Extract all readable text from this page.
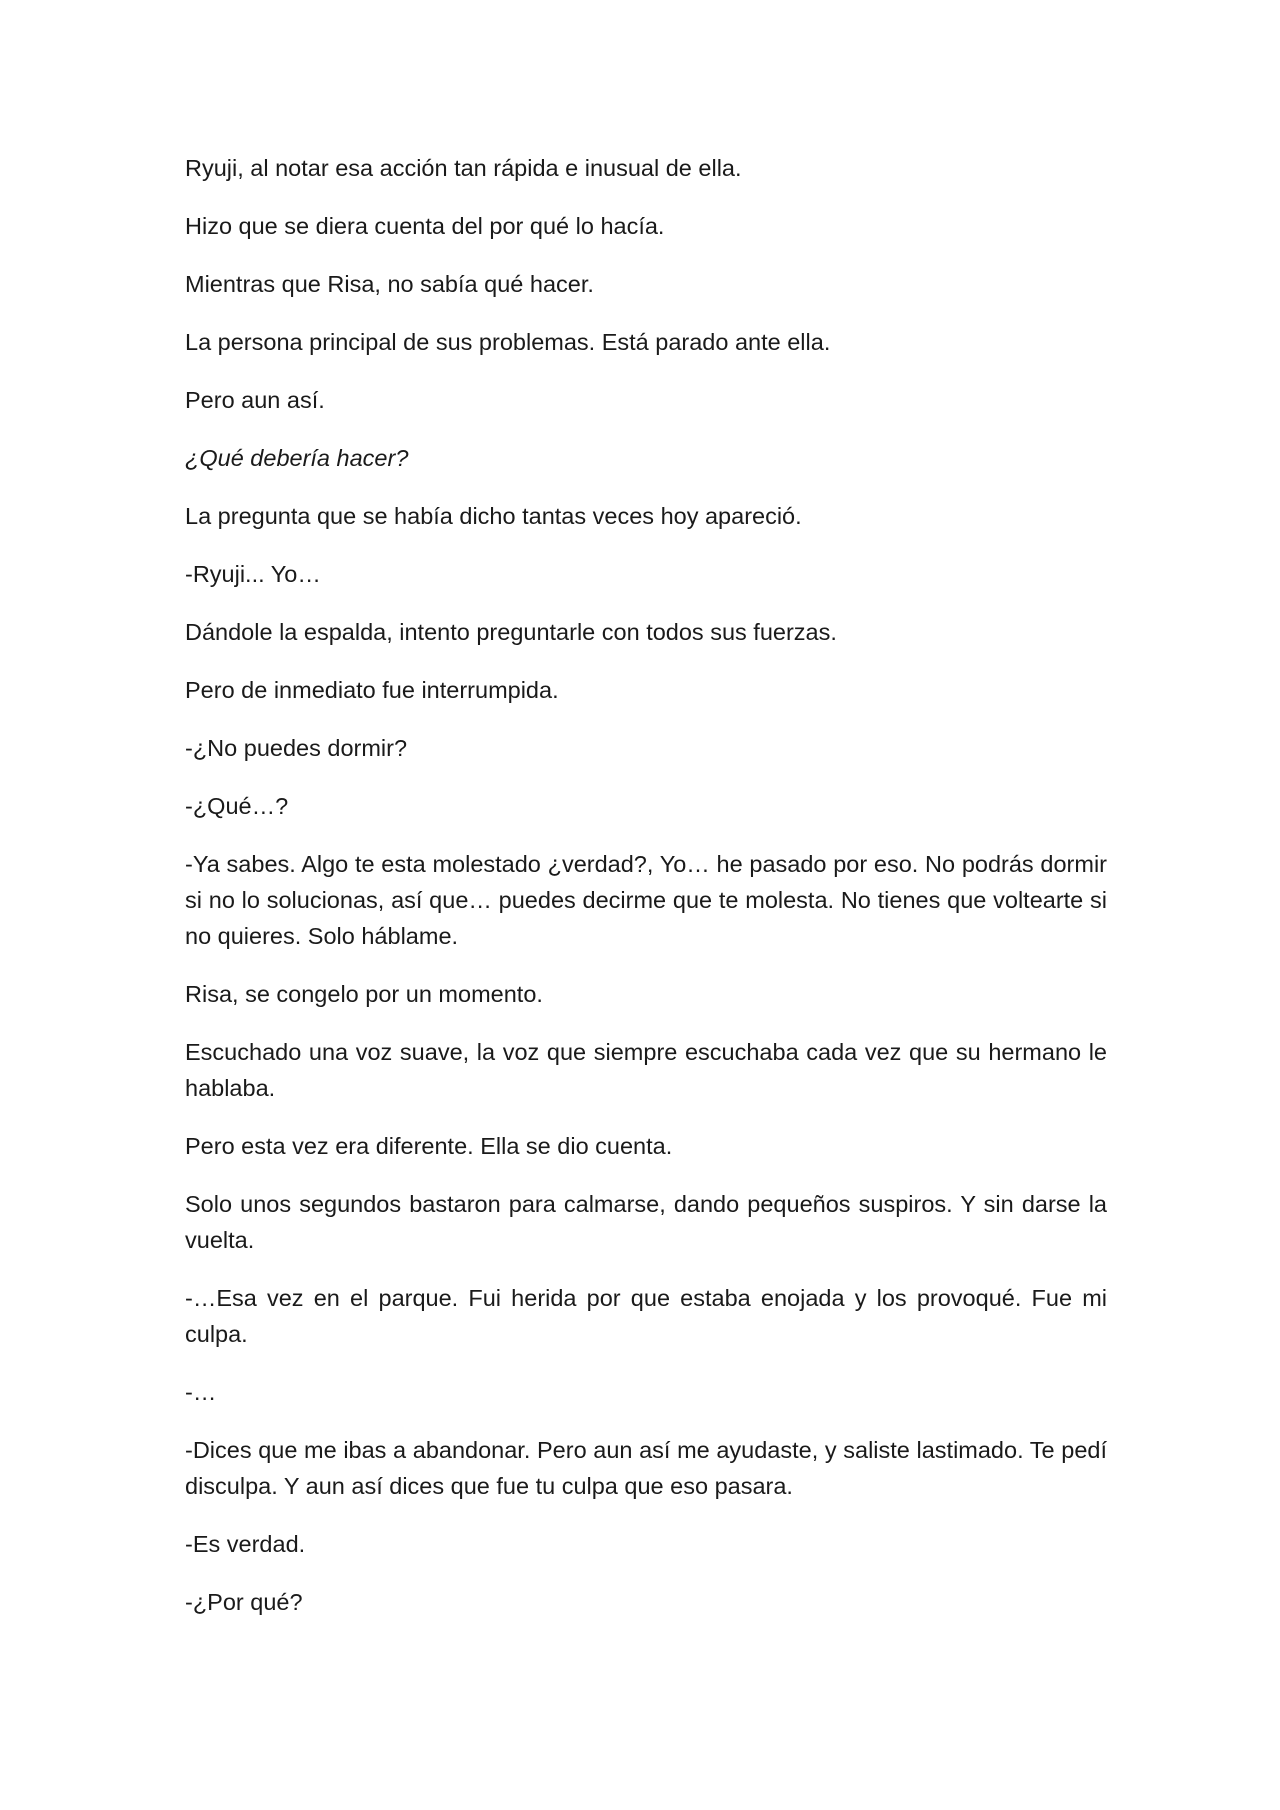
Ryuji, al notar esa acción tan rápida e inusual de ella.

Hizo que se diera cuenta del por qué lo hacía.

Mientras que Risa, no sabía qué hacer.

La persona principal de sus problemas. Está parado ante ella.

Pero aun así.

¿Qué debería hacer?

La pregunta que se había dicho tantas veces hoy apareció.

-Ryuji... Yo…

Dándole la espalda, intento preguntarle con todos sus fuerzas.

Pero de inmediato fue interrumpida.

-¿No puedes dormir?

-¿Qué…?

-Ya sabes. Algo te esta molestado ¿verdad?, Yo… he pasado por eso. No podrás dormir si no lo solucionas, así que… puedes decirme que te molesta. No tienes que voltearte si no quieres. Solo háblame.

Risa, se congelo por un momento.

Escuchado una voz suave, la voz que siempre escuchaba cada vez que su hermano le hablaba.

Pero esta vez era diferente. Ella se dio cuenta.

Solo unos segundos bastaron para calmarse, dando pequeños suspiros. Y sin darse la vuelta.

-…Esa vez en el parque. Fui herida por que estaba enojada y los provoqué. Fue mi culpa.

-…

-Dices que me ibas a abandonar. Pero aun así me ayudaste, y saliste lastimado. Te pedí disculpa. Y aun así dices que fue tu culpa que eso pasara.

-Es verdad.

-¿Por qué?
